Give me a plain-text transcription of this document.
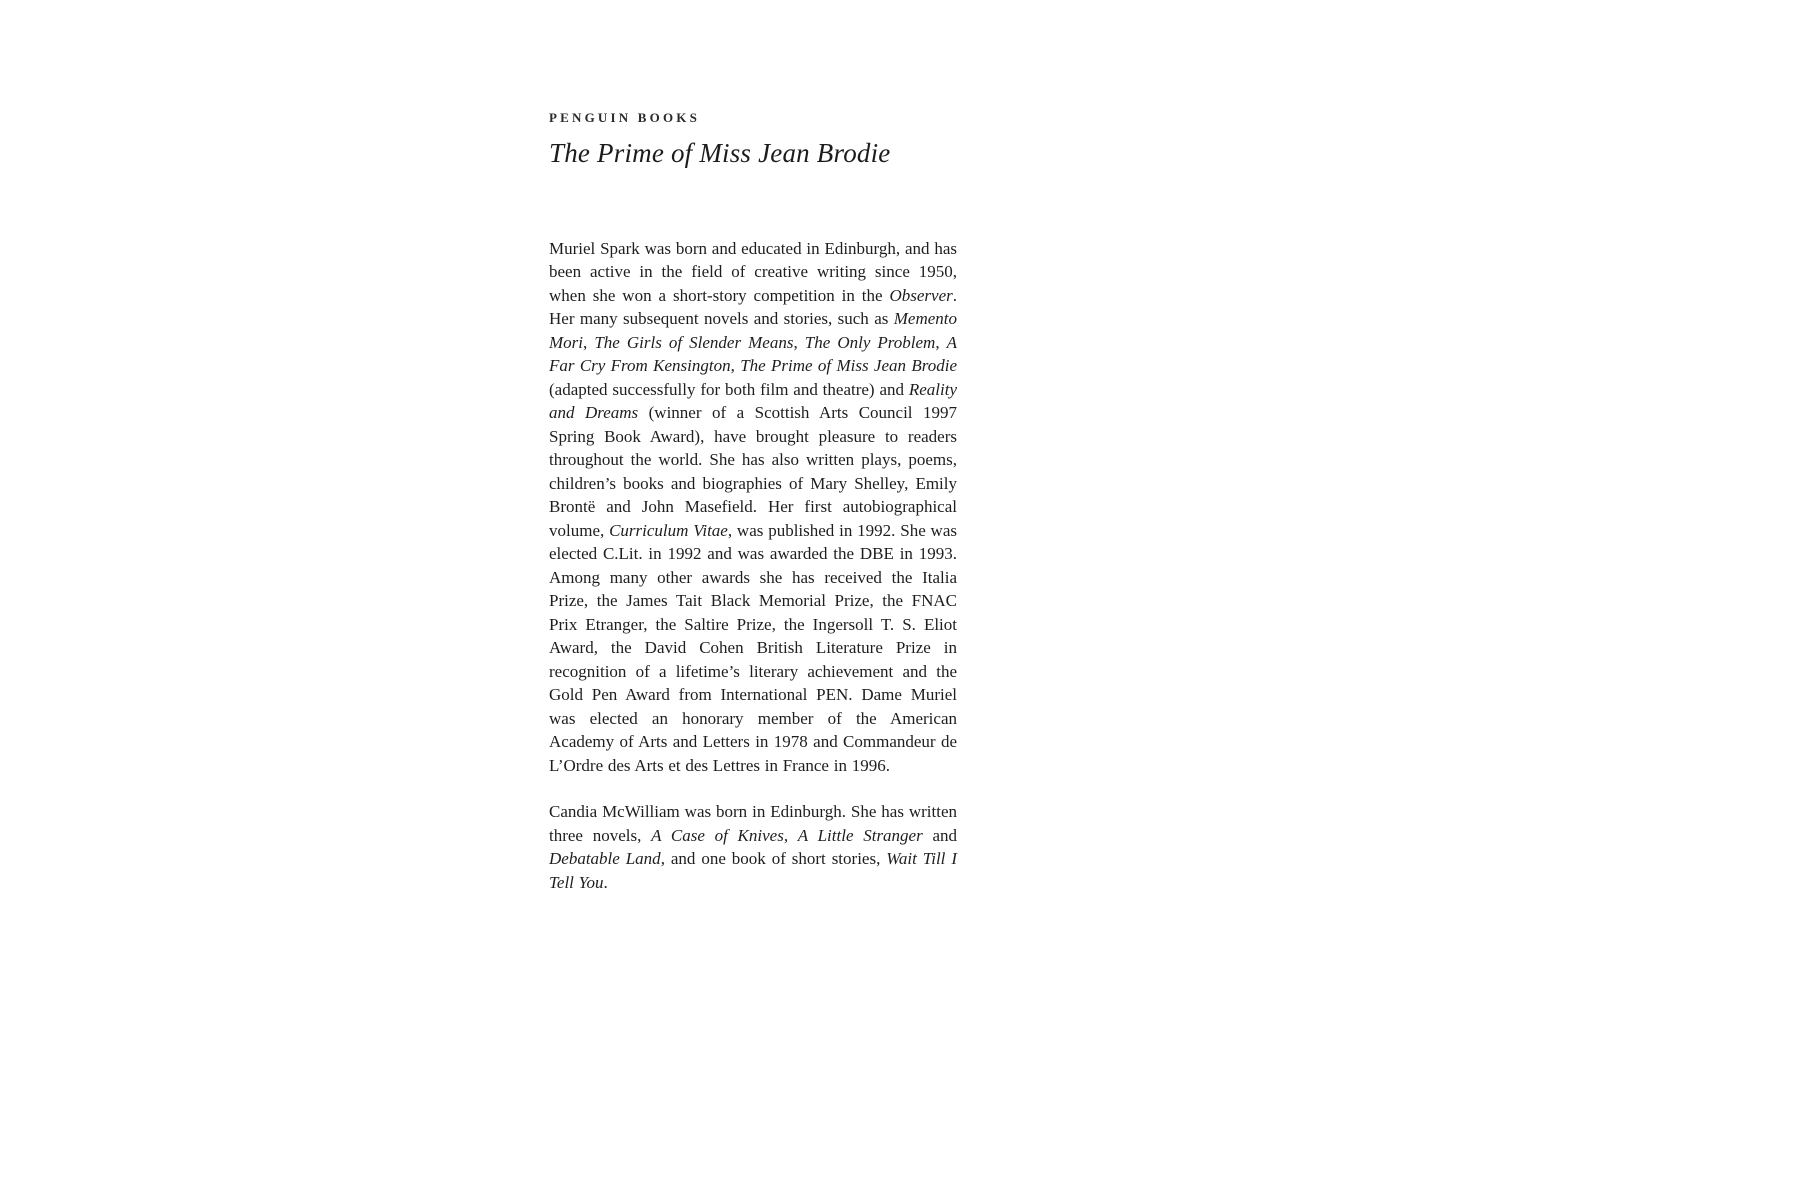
PENGUIN BOOKS

The Prime of Miss Jean Brodie

Muriel Spark was born and educated in Edinburgh, and has been active in the field of creative writing since 1950, when she won a short-story competition in the Observer. Her many subsequent novels and stories, such as Memento Mori, The Girls of Slender Means, The Only Problem, A Far Cry From Kensington, The Prime of Miss Jean Brodie (adapted successfully for both film and theatre) and Reality and Dreams (winner of a Scottish Arts Council 1997 Spring Book Award), have brought pleasure to readers throughout the world. She has also written plays, poems, children’s books and biographies of Mary Shelley, Emily Brontë and John Masefield. Her first autobiographical volume, Curriculum Vitae, was published in 1992. She was elected C.Lit. in 1992 and was awarded the DBE in 1993. Among many other awards she has received the Italia Prize, the James Tait Black Memorial Prize, the FNAC Prix Etranger, the Saltire Prize, the Ingersoll T. S. Eliot Award, the David Cohen British Literature Prize in recognition of a lifetime’s literary achievement and the Gold Pen Award from International PEN. Dame Muriel was elected an honorary member of the American Academy of Arts and Letters in 1978 and Commandeur de L’Ordre des Arts et des Lettres in France in 1996.

Candia McWilliam was born in Edinburgh. She has written three novels, A Case of Knives, A Little Stranger and Debatable Land, and one book of short stories, Wait Till I Tell You.
